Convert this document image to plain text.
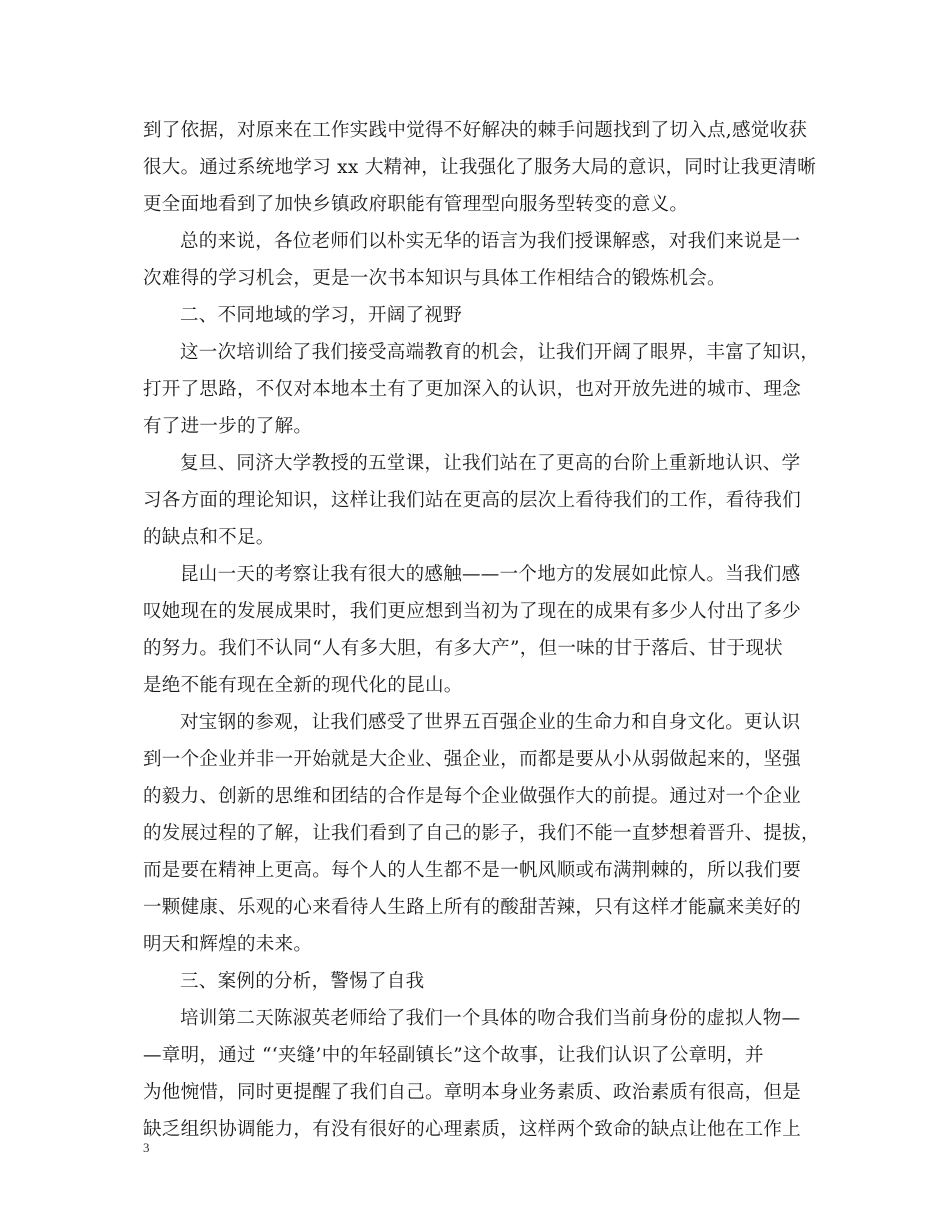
到了依据，对原来在工作实践中觉得不好解决的棘手问题找到了切入点,感觉收获
很大。通过系统地学习 xx 大精神，让我强化了服务大局的意识，同时让我更清晰
更全面地看到了加快乡镇政府职能有管理型向服务型转变的意义。
总的来说，各位老师们以朴实无华的语言为我们授课解惑，对我们来说是一
次难得的学习机会，更是一次书本知识与具体工作相结合的锻炼机会。
二、不同地域的学习，开阔了视野
这一次培训给了我们接受高端教育的机会，让我们开阔了眼界，丰富了知识，
打开了思路，不仅对本地本土有了更加深入的认识，也对开放先进的城市、理念
有了进一步的了解。
复旦、同济大学教授的五堂课，让我们站在了更高的台阶上重新地认识、学
习各方面的理论知识，这样让我们站在更高的层次上看待我们的工作，看待我们
的缺点和不足。
昆山一天的考察让我有很大的感触——一个地方的发展如此惊人。当我们感
叹她现在的发展成果时，我们更应想到当初为了现在的成果有多少人付出了多少
的努力。我们不认同“人有多大胆，有多大产”，但一味的甘于落后、甘于现状
是绝不能有现在全新的现代化的昆山。
对宝钢的参观，让我们感受了世界五百强企业的生命力和自身文化。更认识
到一个企业并非一开始就是大企业、强企业，而都是要从小从弱做起来的，坚强
的毅力、创新的思维和团结的合作是每个企业做强作大的前提。通过对一个企业
的发展过程的了解，让我们看到了自己的影子，我们不能一直梦想着晋升、提拔，
而是要在精神上更高。每个人的人生都不是一帆风顺或布满荆棘的，所以我们要
一颗健康、乐观的心来看待人生路上所有的酸甜苦辣，只有这样才能赢来美好的
明天和辉煌的未来。
三、案例的分析，警惕了自我
培训第二天陈淑英老师给了我们一个具体的吻合我们当前身份的虚拟人物—
—章明，通过 “‘夹缝’中的年轻副镇长”这个故事，让我们认识了公章明，并
为他惋惜，同时更提醒了我们自己。章明本身业务素质、政治素质有很高，但是
缺乏组织协调能力，有没有很好的心理素质，这样两个致命的缺点让他在工作上
3
